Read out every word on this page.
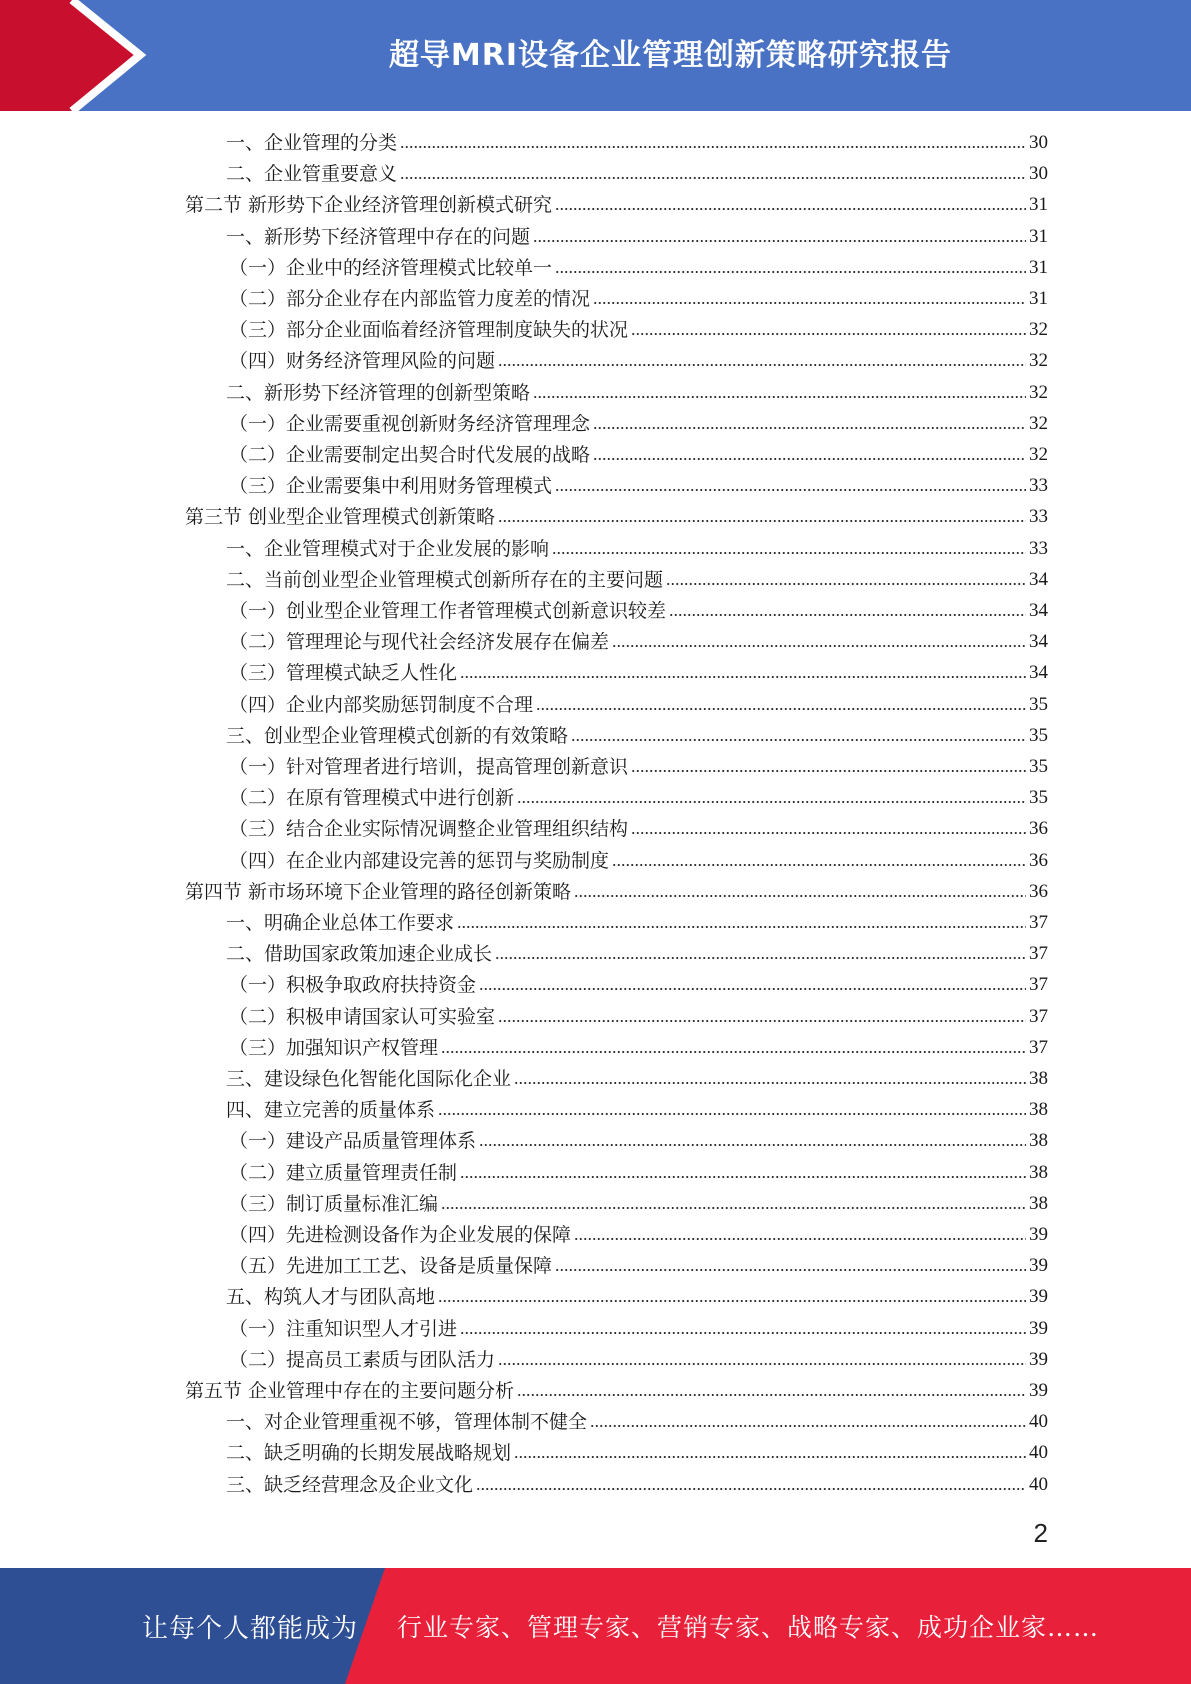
超导MRI设备企业管理创新策略研究报告
一、企业管理的分类	30
二、企业管重要意义	30
第二节 新形势下企业经济管理创新模式研究	31
一、新形势下经济管理中存在的问题	31
（一）企业中的经济管理模式比较单一	31
（二）部分企业存在内部监管力度差的情况	31
（三）部分企业面临着经济管理制度缺失的状况	32
（四）财务经济管理风险的问题	32
二、新形势下经济管理的创新型策略	32
（一）企业需要重视创新财务经济管理理念	32
（二）企业需要制定出契合时代发展的战略	32
（三）企业需要集中利用财务管理模式	33
第三节 创业型企业管理模式创新策略	33
一、企业管理模式对于企业发展的影响	33
二、当前创业型企业管理模式创新所存在的主要问题	34
（一）创业型企业管理工作者管理模式创新意识较差	34
（二）管理理论与现代社会经济发展存在偏差	34
（三）管理模式缺乏人性化	34
（四）企业内部奖励惩罚制度不合理	35
三、创业型企业管理模式创新的有效策略	35
（一）针对管理者进行培训，提高管理创新意识	35
（二）在原有管理模式中进行创新	35
（三）结合企业实际情况调整企业管理组织结构	36
（四）在企业内部建设完善的惩罚与奖励制度	36
第四节 新市场环境下企业管理的路径创新策略	36
一、明确企业总体工作要求	37
二、借助国家政策加速企业成长	37
（一）积极争取政府扶持资金	37
（二）积极申请国家认可实验室	37
（三）加强知识产权管理	37
三、建设绿色化智能化国际化企业	38
四、建立完善的质量体系	38
（一）建设产品质量管理体系	38
（二）建立质量管理责任制	38
（三）制订质量标准汇编	38
（四）先进检测设备作为企业发展的保障	39
（五）先进加工工艺、设备是质量保障	39
五、构筑人才与团队高地	39
（一）注重知识型人才引进	39
（二）提高员工素质与团队活力	39
第五节 企业管理中存在的主要问题分析	39
一、对企业管理重视不够，管理体制不健全	40
二、缺乏明确的长期发展战略规划	40
三、缺乏经营理念及企业文化	40
2
让每个人都能成为 行业专家、管理专家、营销专家、战略专家、成功企业家……
